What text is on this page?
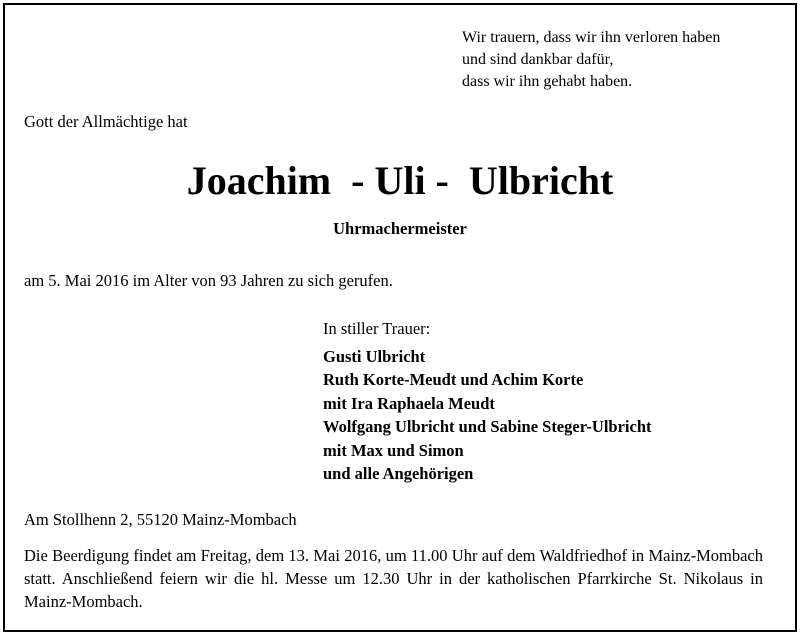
Wir trauern, dass wir ihn verloren haben
und sind dankbar dafür,
dass wir ihn gehabt haben.
Gott der Allmächtige hat
Joachim  - Uli -  Ulbricht
Uhrmachermeister
am 5. Mai 2016 im Alter von 93 Jahren zu sich gerufen.
In stiller Trauer:
Gusti Ulbricht
Ruth Korte-Meudt und Achim Korte
mit Ira Raphaela Meudt
Wolfgang Ulbricht und Sabine Steger-Ulbricht
mit Max und Simon
und alle Angehörigen
Am Stollhenn 2, 55120 Mainz-Mombach
Die Beerdigung findet am Freitag, dem 13. Mai 2016, um 11.00 Uhr auf dem Waldfriedhof in Mainz-Mombach statt. Anschließend feiern wir die hl. Messe um 12.30 Uhr in der katholischen Pfarrkirche St. Nikolaus in Mainz-Mombach.
